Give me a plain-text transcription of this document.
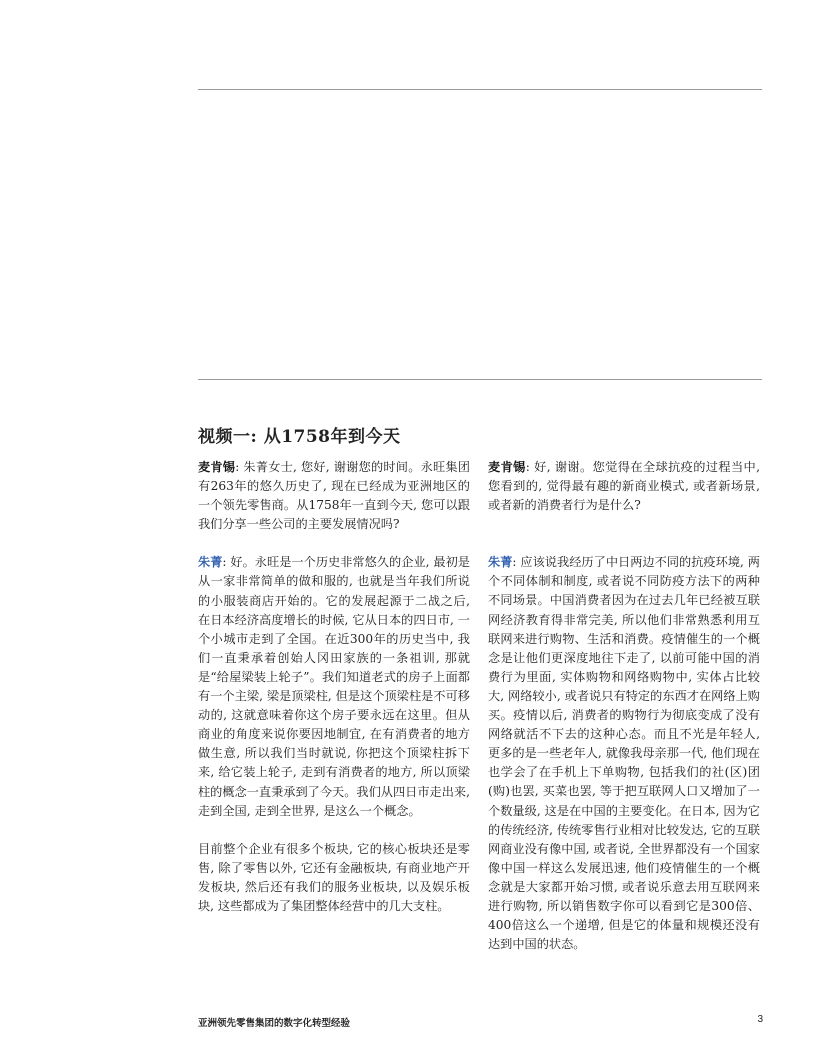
视频一: 从1758年到今天

麦肯锡: 朱菁女士, 您好, 谢谢您的时间。永旺集团有263年的悠久历史了, 现在已经成为亚洲地区的一个领先零售商。从1758年一直到今天, 您可以跟我们分享一些公司的主要发展情况吗?

朱菁: 好。永旺是一个历史非常悠久的企业, 最初是从一家非常简单的做和服的, 也就是当年我们所说的小服装商店开始的。它的发展起源于二战之后, 在日本经济高度增长的时候, 它从日本的四日市, 一个小城市走到了全国。在近300年的历史当中, 我们一直秉承着创始人冈田家族的一条祖训, 那就是“给屋梁装上轮子”。我们知道老式的房子上面都有一个主梁, 梁是顶梁柱, 但是这个顶梁柱是不可移动的, 这就意味着你这个房子要永远在这里。但从商业的角度来说你要因地制宜, 在有消费者的地方做生意, 所以我们当时就说, 你把这个顶梁柱拆下来, 给它装上轮子, 走到有消费者的地方, 所以顶梁柱的概念一直秉承到了今天。我们从四日市走出来, 走到全国, 走到全世界, 是这么一个概念。

目前整个企业有很多个板块, 它的核心板块还是零售, 除了零售以外, 它还有金融板块, 有商业地产开发板块, 然后还有我们的服务业板块, 以及娱乐板块, 这些都成为了集团整体经营中的几大支柱。

麦肯锡: 好, 谢谢。您觉得在全球抗疫的过程当中, 您看到的, 觉得最有趣的新商业模式, 或者新场景, 或者新的消费者行为是什么?

朱菁: 应该说我经历了中日两边不同的抗疫环境, 两个不同体制和制度, 或者说不同防疫方法下的两种不同场景。中国消费者因为在过去几年已经被互联网经济教育得非常完美, 所以他们非常熟悉利用互联网来进行购物、生活和消费。疫情催生的一个概念是让他们更深度地往下走了, 以前可能中国的消费行为里面, 实体购物和网络购物中, 实体占比较大, 网络较小, 或者说只有特定的东西才在网络上购买。疫情以后, 消费者的购物行为彻底变成了没有网络就活不下去的这种心态。而且不光是年轻人, 更多的是一些老年人, 就像我母亲那一代, 他们现在也学会了在手机上下单购物, 包括我们的社(区)团(购)也罢, 买菜也罢, 等于把互联网人口又增加了一个数量级, 这是在中国的主要变化。在日本, 因为它的传统经济, 传统零售行业相对比较发达, 它的互联网商业没有像中国, 或者说, 全世界都没有一个国家像中国一样这么发展迅速, 他们疫情催生的一个概念就是大家都开始习惯, 或者说乐意去用互联网来进行购物, 所以销售数字你可以看到它是300倍、400倍这么一个递增, 但是它的体量和规模还没有达到中国的状态。

亚洲领先零售集团的数字化转型经验	3
